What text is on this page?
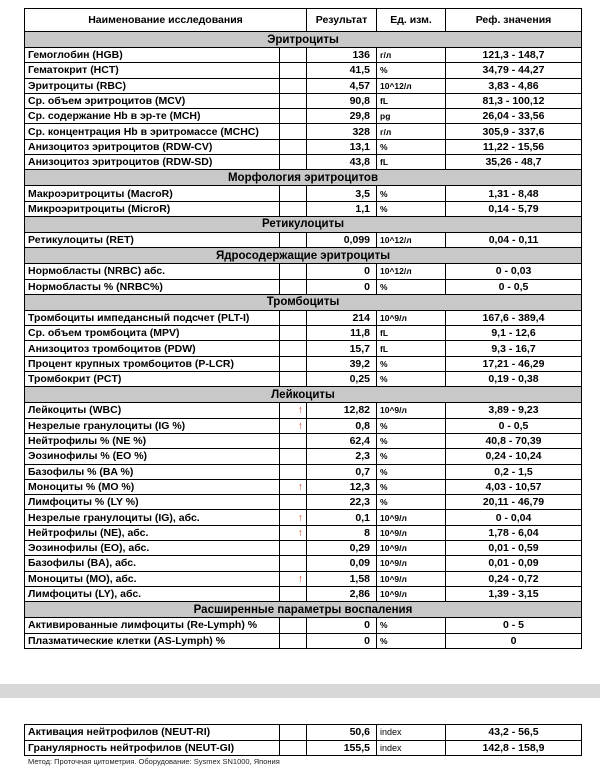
Наименование исследования		Результат	Ед. изм.	Реф. значения
Эритроциты				
Гемоглобин (HGB)		136	г/л	121,3 - 148,7
Гематокрит (HCT)		41,5	%	34,79 - 44,27
Эритроциты (RBC)		4,57	10^12/л	3,83 - 4,86
Ср. объем эритроцитов (MCV)		90,8	fL	81,3 - 100,12
Ср. содержание Hb в эр-те (MCH)		29,8	pg	26,04 - 33,56
Ср. концентрация Hb в эритромассе (MCHC)		328	г/л	305,9 - 337,6
Анизоцитоз эритроцитов (RDW-CV)		13,1	%	11,22 - 15,56
Анизоцитоз эритроцитов (RDW-SD)		43,8	fL	35,26 - 48,7
Морфология эритроцитов				
Макроэритроциты (MacroR)		3,5	%	1,31 - 8,48
Микроэритроциты (MicroR)		1,1	%	0,14 - 5,79
Ретикулоциты				
Ретикулоциты (RET)		0,099	10^12/л	0,04 - 0,11
Ядросодержащие эритроциты				
Нормобласты (NRBC) абс.		0	10^12/л	0 - 0,03
Нормобласты % (NRBC%)		0	%	0 - 0,5
Тромбоциты				
Тромбоциты импедансный подсчет (PLT-I)		214	10^9/л	167,6 - 389,4
Ср. объем тромбоцита (MPV)		11,8	fL	9,1 - 12,6
Анизоцитоз тромбоцитов (PDW)		15,7	fL	9,3 - 16,7
Процент крупных тромбоцитов (P-LCR)		39,2	%	17,21 - 46,29
Тромбокрит (PCT)		0,25	%	0,19 - 0,38
Лейкоциты				
Лейкоциты (WBC)	↑	12,82	10^9/л	3,89 - 9,23
Незрелые гранулоциты (IG %)	↑	0,8	%	0 - 0,5
Нейтрофилы % (NE %)		62,4	%	40,8 - 70,39
Эозинофилы % (EO %)		2,3	%	0,24 - 10,24
Базофилы % (BA %)		0,7	%	0,2 - 1,5
Моноциты % (MO %)	↑	12,3	%	4,03 - 10,57
Лимфоциты % (LY %)		22,3	%	20,11 - 46,79
Незрелые гранулоциты (IG), абс.	↑	0,1	10^9/л	0 - 0,04
Нейтрофилы (NE), абс.	↑	8	10^9/л	1,78 - 6,04
Эозинофилы (EO), абс.		0,29	10^9/л	0,01 - 0,59
Базофилы (BA), абс.		0,09	10^9/л	0,01 - 0,09
Моноциты (MO), абс.	↑	1,58	10^9/л	0,24 - 0,72
Лимфоциты (LY), абс.		2,86	10^9/л	1,39 - 3,15
Расширенные параметры воспаления				
Активированные лимфоциты (Re-Lymph) %		0	%	0 - 5
Плазматические клетки (AS-Lymph) %		0	%	0
Активация нейтрофилов (NEUT-RI)		50,6	index	43,2 - 56,5
Гранулярность нейтрофилов (NEUT-GI)		155,5	index	142,8 - 158,9
Метод: Проточная цитометрия. Оборудование: Sysmex SN1000, Япония
